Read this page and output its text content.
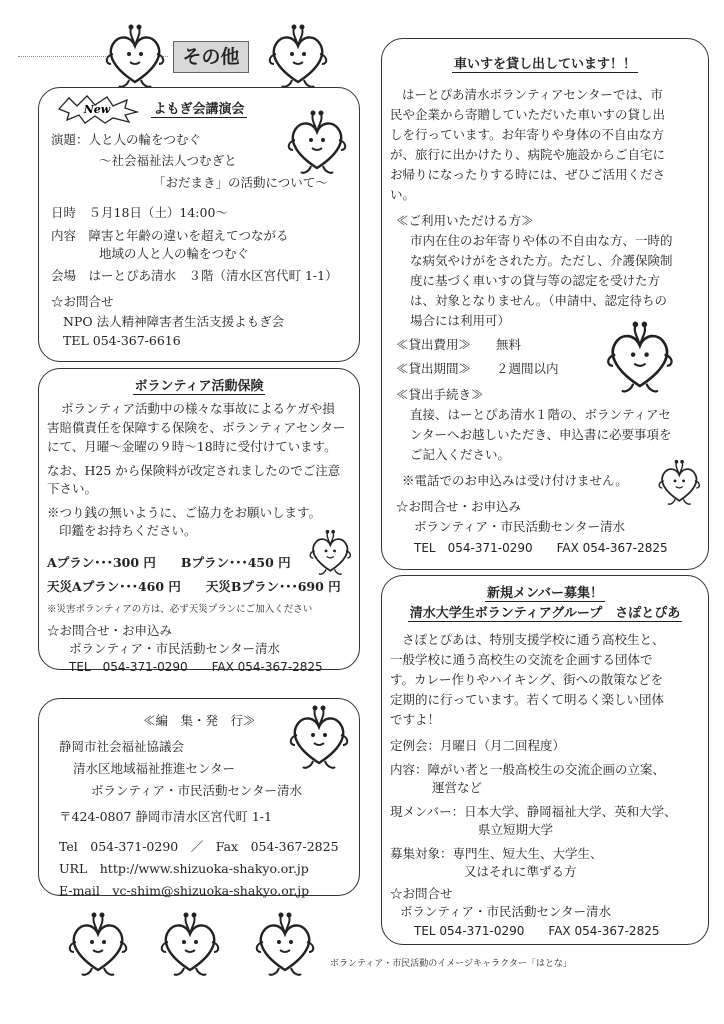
その他
New	よもぎ会講演会
演題：人と人の輪をつむぐ
～社会福祉法人つむぎと
「おだまき」の活動について～
日時　５月18日（土）14:00～
内容　障害と年齢の違いを超えてつながる
地域の人と人の輪をつむぐ
会場　はーとぴあ清水　３階（清水区宮代町 1-1）
☆お問合せ
NPO 法人精神障害者生活支援よもぎ会
TEL 054-367-6616
ボランティア活動保険
ボランティア活動中の様々な事故によるケガや損
害賠償責任を保障する保険を、ボランティアセンター
にて、月曜～金曜の９時～18時に受付けています。
なお、H25 から保険料が改定されましたのでご注意
下さい。
※つり銭の無いように、ご協力をお願いします。
印鑑をお持ちください。
Aプラン･･･300 円　　Bプラン･･･450 円
天災Aプラン･･･460 円　　天災Bプラン･･･690 円
※災害ボランティアの方は、必ず天災プランにご加入ください
☆お問合せ・お申込み
ボランティア・市民活動センター清水
TEL　054-371-0290　　FAX 054-367-2825
≪編　集・発　行≫
静岡市社会福祉協議会
清水区地域福祉推進センター
ボランティア・市民活動センター清水
〒424-0807 静岡市清水区宮代町 1-1
Tel　054-371-0290　／　Fax　054-367-2825
URL　http://www.shizuoka-shakyo.or.jp
E-mail　vc-shim@shizuoka-shakyo.or.jp
車いすを貸し出しています！！
はーとぴあ清水ボランティアセンターでは、市
民や企業から寄贈していただいた車いすの貸し出
しを行っています。お年寄りや身体の不自由な方
が、旅行に出かけたり、病院や施設からご自宅に
お帰りになったりする時には、ぜひご活用くださ
い。
≪ご利用いただける方≫
市内在住のお年寄りや体の不自由な方、一時的
な病気やけがをされた方。ただし、介護保険制
度に基づく車いすの貸与等の認定を受けた方
は、対象となりません。（申請中、認定待ちの
場合には利用可）
≪貸出費用≫　　無料
≪貸出期間≫　　２週間以内
≪貸出手続き≫
直接、はーとぴあ清水１階の、ボランティアセ
ンターへお越しいただき、申込書に必要事項を
ご記入ください。
※電話でのお申込みは受け付けません。
☆お問合せ・お申込み
ボランティア・市民活動センター清水
TEL　054-371-0290　　FAX 054-367-2825
新規メンバー募集！
清水大学生ボランティアグループ　さぽとぴあ
さぽとぴあは、特別支援学校に通う高校生と、
一般学校に通う高校生の交流を企画する団体で
す。カレー作りやハイキング、街への散策などを
定期的に行っています。若くて明るく楽しい団体
ですよ！
定例会：月曜日（月二回程度）
内容：障がい者と一般高校生の交流企画の立案、
運営など
現メンバー：日本大学、静岡福祉大学、英和大学、
県立短期大学
募集対象：専門生、短大生、大学生、
又はそれに準ずる方
☆お問合せ
ボランティア・市民活動センター清水
TEL 054-371-0290　　FAX 054-367-2825
ボランティア・市民活動のイメージキャラクター「はとな」
